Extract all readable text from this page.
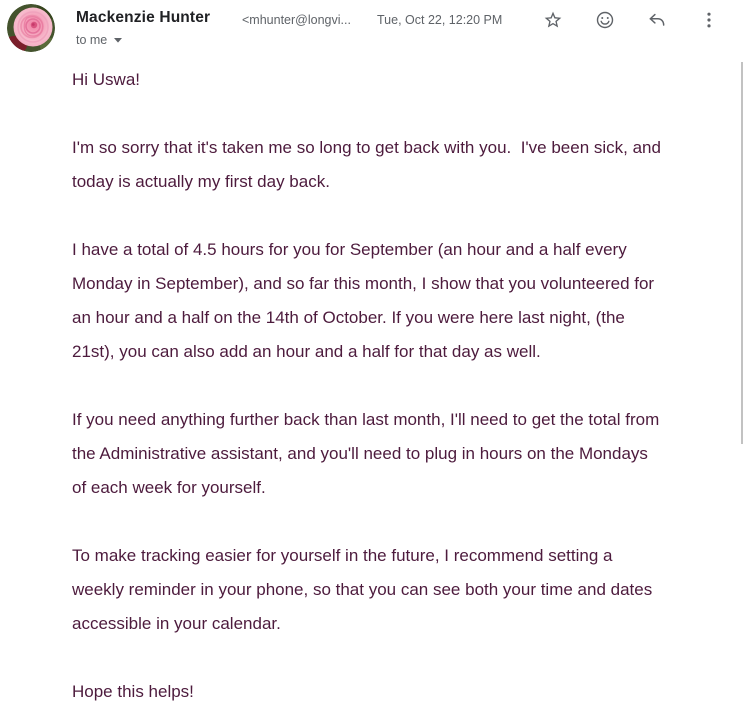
Mackenzie Hunter	<mhunter@longvi... Tue, Oct 22, 12:20 PM
to me

Hi Uswa!

I'm so sorry that it's taken me so long to get back with you.  I've been sick, and
today is actually my first day back.

I have a total of 4.5 hours for you for September (an hour and a half every
Monday in September), and so far this month, I show that you volunteered for
an hour and a half on the 14th of October. If you were here last night, (the
21st), you can also add an hour and a half for that day as well.

If you need anything further back than last month, I'll need to get the total from
the Administrative assistant, and you'll need to plug in hours on the Mondays
of each week for yourself.

To make tracking easier for yourself in the future, I recommend setting a
weekly reminder in your phone, so that you can see both your time and dates
accessible in your calendar.

Hope this helps!
